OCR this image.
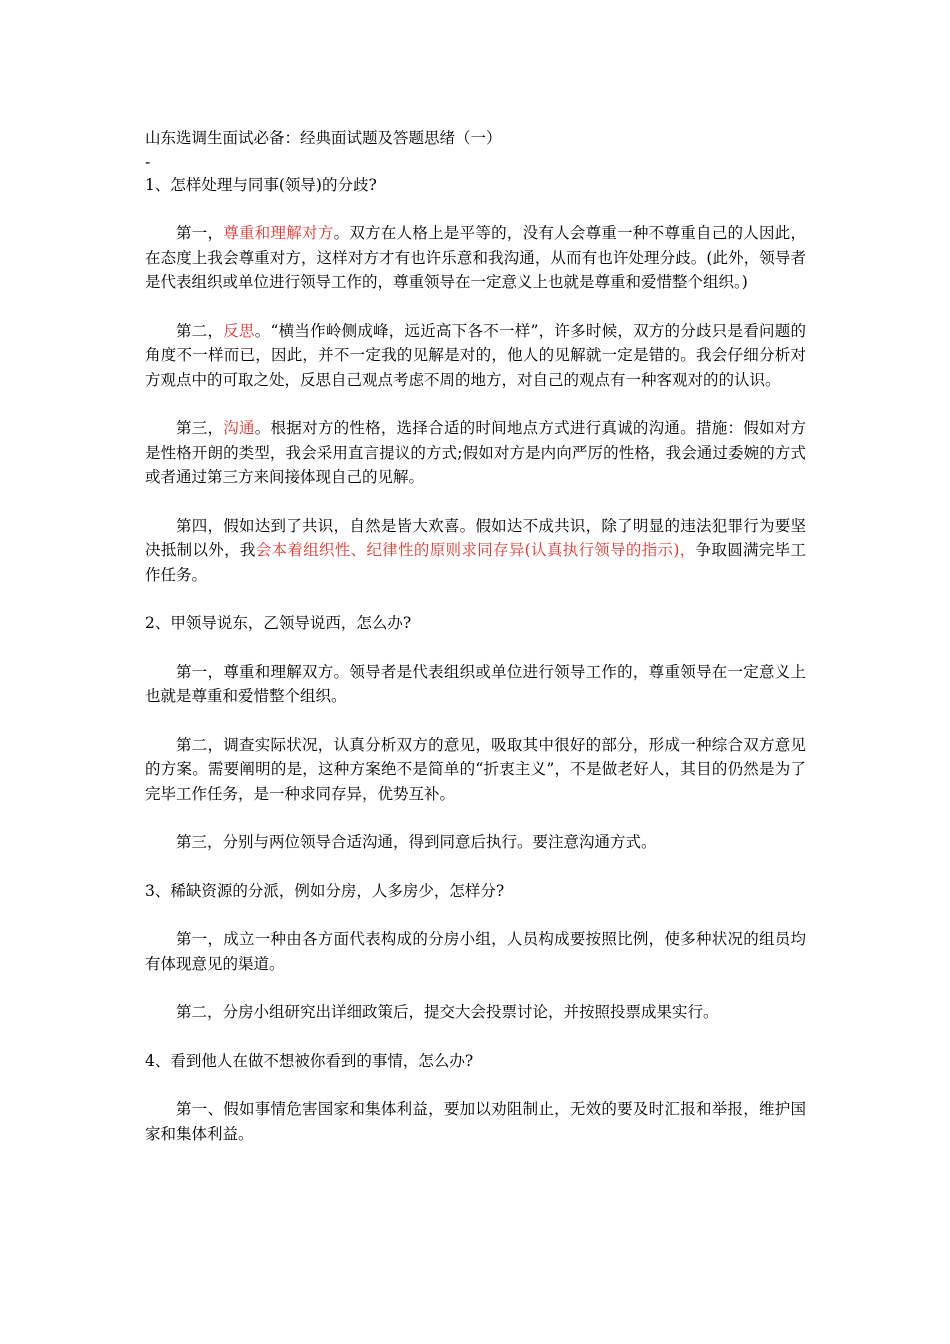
山东选调生面试必备：经典面试题及答题思绪（一）

-

1、怎样处理与同事(领导)的分歧?

第一，尊重和理解对方。双方在人格上是平等的，没有人会尊重一种不尊重自己的人因此，在态度上我会尊重对方，这样对方才有也许乐意和我沟通，从而有也许处理分歧。(此外，领导者是代表组织或单位进行领导工作的，尊重领导在一定意义上也就是尊重和爱惜整个组织。)

第二，反思。“横当作岭侧成峰，远近高下各不一样”，许多时候，双方的分歧只是看问题的角度不一样而已，因此，并不一定我的见解是对的，他人的见解就一定是错的。我会仔细分析对方观点中的可取之处，反思自己观点考虑不周的地方，对自己的观点有一种客观对的的认识。

第三，沟通。根据对方的性格，选择合适的时间地点方式进行真诚的沟通。措施：假如对方是性格开朗的类型，我会采用直言提议的方式;假如对方是内向严厉的性格，我会通过委婉的方式或者通过第三方来间接体现自己的见解。

第四，假如达到了共识，自然是皆大欢喜。假如达不成共识，除了明显的违法犯罪行为要坚决抵制以外，我会本着组织性、纪律性的原则求同存异(认真执行领导的指示)，争取圆满完毕工作任务。

2、甲领导说东，乙领导说西，怎么办?

第一，尊重和理解双方。领导者是代表组织或单位进行领导工作的，尊重领导在一定意义上也就是尊重和爱惜整个组织。

第二，调查实际状况，认真分析双方的意见，吸取其中很好的部分，形成一种综合双方意见的方案。需要阐明的是，这种方案绝不是简单的“折衷主义”，不是做老好人，其目的仍然是为了完毕工作任务，是一种求同存异，优势互补。

第三，分别与两位领导合适沟通，得到同意后执行。要注意沟通方式。

3、稀缺资源的分派，例如分房，人多房少，怎样分?

第一，成立一种由各方面代表构成的分房小组，人员构成要按照比例，使多种状况的组员均有体现意见的渠道。

第二，分房小组研究出详细政策后，提交大会投票讨论，并按照投票成果实行。

4、看到他人在做不想被你看到的事情，怎么办?

第一、假如事情危害国家和集体利益，要加以劝阻制止，无效的要及时汇报和举报，维护国家和集体利益。
